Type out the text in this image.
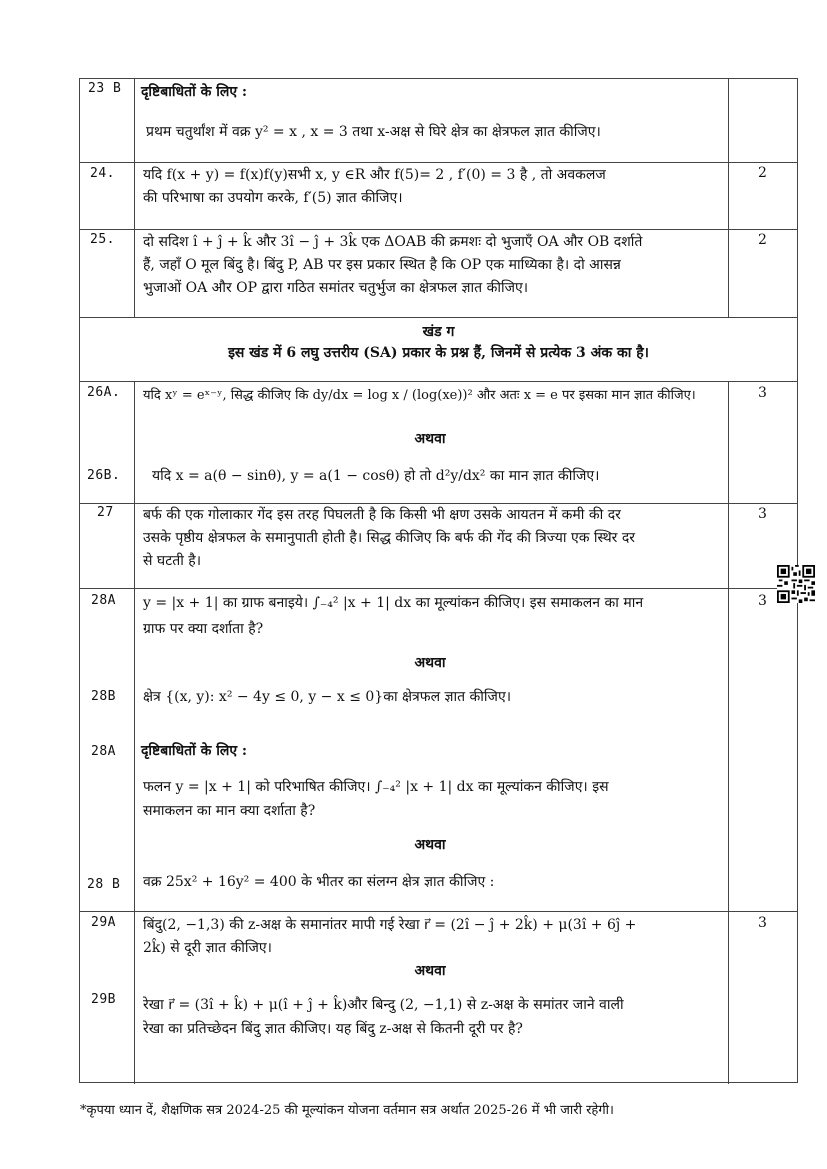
23 B दृष्टिबाधितों के लिए :
प्रथम चतुर्थांश में वक्र y² = x , x = 3 तथा x-अक्ष से घिरे क्षेत्र का क्षेत्रफल ज्ञात कीजिए।
24. यदि f(x + y) = f(x)f(y)सभी x, y ∈R और f(5)= 2 , f′(0) = 3 है , तो अवकलज
की परिभाषा का उपयोग करके, f′(5) ज्ञात कीजिए।
2
25. दो सदिश î + ĵ + k̂ और 3î − ĵ + 3k̂ एक ΔOAB की क्रमशः दो भुजाएँ OA और OB दर्शाते
हैं, जहाँ O मूल बिंदु है। बिंदु P, AB पर इस प्रकार स्थित है कि OP एक माध्यिका है। दो आसन्न
भुजाओं OA और OP द्वारा गठित समांतर चतुर्भुज का क्षेत्रफल ज्ञात कीजिए।
2
खंड ग
इस खंड में 6 लघु उत्तरीय (SA) प्रकार के प्रश्न हैं, जिनमें से प्रत्येक 3 अंक का है।
26A. यदि xʸ = eˣ⁻ʸ, सिद्ध कीजिए कि dy/dx = log x / (log(xe))² और अतः x = e पर इसका मान ज्ञात कीजिए।	3
अथवा
26B. यदि x = a(θ − sinθ), y = a(1 − cosθ) हो तो d²y/dx² का मान ज्ञात कीजिए।
27 बर्फ की एक गोलाकार गेंद इस तरह पिघलती है कि किसी भी क्षण उसके आयतन में कमी की दर
उसके पृष्ठीय क्षेत्रफल के समानुपाती होती है। सिद्ध कीजिए कि बर्फ की गेंद की त्रिज्या एक स्थिर दर
से घटती है।
3
28A y = |x + 1| का ग्राफ बनाइये। ∫₋₄² |x + 1| dx का मूल्यांकन कीजिए। इस समाकलन का मान
ग्राफ पर क्या दर्शाता है?
3
अथवा
28B क्षेत्र {(x, y): x² − 4y ≤ 0, y − x ≤ 0}का क्षेत्रफल ज्ञात कीजिए।
28A दृष्टिबाधितों के लिए :
फलन y = |x + 1| को परिभाषित कीजिए। ∫₋₄² |x + 1| dx का मूल्यांकन कीजिए। इस
समाकलन का मान क्या दर्शाता है?
अथवा
28 B वक्र 25x² + 16y² = 400 के भीतर का संलग्न क्षेत्र ज्ञात कीजिए :
29A बिंदु(2, −1,3) की z-अक्ष के समानांतर मापी गई रेखा r⃗ = (2î − ĵ + 2k̂) + μ(3î + 6ĵ +
2k̂) से दूरी ज्ञात कीजिए।
3
अथवा
29B रेखा r⃗ = (3î + k̂) + μ(î + ĵ + k̂)और बिन्दु (2, −1,1) से z-अक्ष के समांतर जाने वाली
रेखा का प्रतिच्छेदन बिंदु ज्ञात कीजिए। यह बिंदु z-अक्ष से कितनी दूरी पर है?
*कृपया ध्यान दें, शैक्षणिक सत्र 2024-25 की मूल्यांकन योजना वर्तमान सत्र अर्थात 2025-26 में भी जारी रहेगी।
